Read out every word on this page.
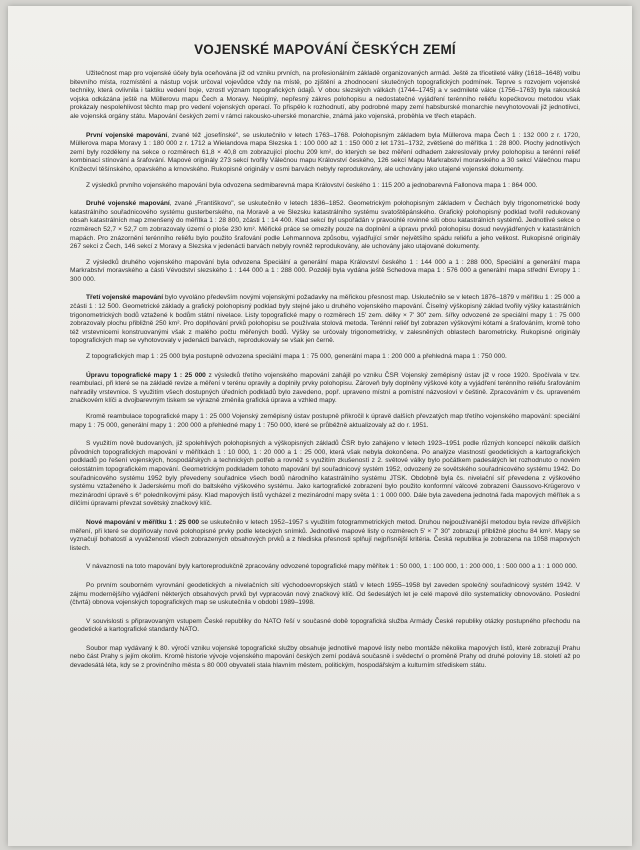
VOJENSKÉ MAPOVÁNÍ ČESKÝCH ZEMÍ

Užitečnost map pro vojenské účely byla oceňována již od vzniku prvních, na profesionálním základě organizovaných armád. Ještě za třicetileté války (1618–1648) volbu bitevního místa, rozmístění a nástup vojsk určoval vojevůdce vždy na místě, po zjištění a zhodnocení skutečných topografických podmínek. Teprve s rozvojem vojenské techniky, která ovlivnila i taktiku vedení boje, vzrostl význam topografických údajů. V obou slezských válkách (1744–1745) a v sedmileté válce (1756–1763) byla rakouská vojska odkázána ještě na Müllerovu mapu Čech a Moravy. Neúplný, nepřesný zákres polohopisu a nedostatečné vyjádření terénního reliéfu kopečkovou metodou však prokázaly nespolehlivost těchto map pro vedení vojenských operací. To přispělo k rozhodnutí, aby podrobné mapy zemí habsburské monarchie nevyhotovovali již jednotlivci, ale vojenská orgány státu. Mapování českých zemí v rámci rakousko-uherské monarchie, známá jako vojenská, proběhla ve třech etapách.

První vojenské mapování, zvané též „josefínské", se uskutečnilo v letech 1763–1768. Polohopisným základem byla Müllerova mapa Čech 1 : 132 000 z r. 1720, Müllerova mapa Moravy 1 : 180 000 z r. 1712 a Wielandova mapa Slezska 1 : 100 000 až 1 : 150 000 z let 1731–1732, zvětšené do měřítka 1 : 28 800. Plochy jednotlivých zemí byly rozděleny na sekce o rozměrech 61,8 × 40,8 cm zobrazující plochu 209 km², do kterých se bez měření odhadem zakreslovaly prvky polohopisu a terénní reliéf kombinací stínování a šrafování. Mapové originály 273 sekcí tvořily Válečnou mapu Království českého, 126 sekcí Mapu Markrabství moravského a 30 sekcí Válečnou mapu Knížectví těšínského, opavského a krnovského. Rukopisné originály v osmi barvách nebyly reprodukovány, ale uchovány jako utajené vojenské dokumenty.

Z výsledků prvního vojenského mapování byla odvozena sedmibarevná mapa Království českého 1 : 115 200 a jednobarevná Fallonova mapa 1 : 864 000.

Druhé vojenské mapování, zvané „Františkovo", se uskutečnilo v letech 1836–1852. Geometrickým polohopisným základem v Čechách byly trigonometrické body katastrálního souřadnicového systému gusterberského, na Moravě a ve Slezsku katastrálního systému svatoštěpánského. Grafický polohopisný podklad tvořil redukovaný obsah katastrálních map zmenšený do měřítka 1 : 28 800, zčásti 1 : 14 400. Klad sekcí byl uspořádán v pravoúhlé rovinné síti obou katastrálních systémů. Jednotlivé sekce o rozměrech 52,7 × 52,7 cm zobrazovaly území o ploše 230 km². Měřické práce se omezily pouze na doplnění a úpravu prvků polohopisu dosud nevyjádřených v katastrálních mapách. Pro znázornění terénního reliéfu bylo použito šrafování podle Lehmannova způsobu, vyjadřující směr největšího spádu reliéfu a jeho velikost. Rukopisné originály 267 sekcí z Čech, 146 sekcí z Moravy a Slezska v jedenácti barvách nebyly rovněž reprodukovány, ale uchovány jako utajované dokumenty.

Z výsledků druhého vojenského mapování byla odvozena Speciální a generální mapa Království českého 1 : 144 000 a 1 : 288 000, Speciální a generální mapa Markrabství moravského a části Vévodství slezského 1 : 144 000 a 1 : 288 000. Později byla vydána ještě Schedova mapa 1 : 576 000 a generální mapa střední Evropy 1 : 300 000.

Třetí vojenské mapování bylo vyvoláno především novými vojenskými požadavky na měřickou přesnost map. Uskutečnilo se v letech 1876–1879 v měřítku 1 : 25 000 a zčásti 1 : 12 500. Geometrické základy a grafický polohopisný podklad byly stejné jako u druhého vojenského mapování. Číselný výškopisný základ tvořily výšky katastrálních trigonometrických bodů vztažené k bodům státní nivelace. Listy topografické mapy o rozměrech 15' zem. délky × 7' 30" zem. šířky odvozené ze speciální mapy 1 : 75 000 zobrazovaly plochu přibližně 250 km². Pro doplňování prvků polohopisu se používala stolová metoda. Terénní reliéf byl zobrazen výškovými kótami a šrafováním, kromě toho též vrstevnicemi konstruovanými však z malého počtu měřených bodů. Výšky se určovaly trigonometricky, v zalesněných oblastech barometricky. Rukopisné originály topografických map se vyhotovovaly v jedenácti barvách, reprodukovaly se však jen černě.

Z topografických map 1 : 25 000 byla postupně odvozena speciální mapa 1 : 75 000, generální mapa 1 : 200 000 a přehledná mapa 1 : 750 000.

Úpravu topografické mapy 1 : 25 000 z výsledků třetího vojenského mapování zahájil po vzniku ČSR Vojenský zeměpisný ústav již v roce 1920. Spočívala v tzv. reambulaci, při které se na základě revize a měření v terénu opravily a doplnily prvky polohopisu. Zároveň byly doplněny výškové kóty a vyjádření terénního reliéfu šrafováním nahradily vrstevnice. S využitím všech dostupných úředních podkladů bylo zavedeno, popř. upraveno místní a pomístní názvosloví v češtině. Zpracováním v čs. upraveném značkovém klíči a dvojbarevným tiskem se výrazně změnila grafická úprava a vzhled mapy.

Kromě reambulace topografické mapy 1 : 25 000 Vojenský zeměpisný ústav postupně přikročil k úpravě dalších převzatých map třetího vojenského mapování: speciální mapy 1 : 75 000, generální mapy 1 : 200 000 a přehledné mapy 1 : 750 000, které se průběžně aktualizovaly až do r. 1951.

S využitím nově budovaných, již spolehlivých polohopisných a výškopisných základů ČSR bylo zahájeno v letech 1923–1951 podle různých koncepcí několik dalších původních topografických mapování v měřítkách 1 : 10 000, 1 : 20 000 a 1 : 25 000, která však nebyla dokončena. Po analýze vlastností geodetických a kartografických podkladů po řešení vojenských, hospodářských a technických potřeb a rovněž s využitím zkušeností z 2. světové války bylo počátkem padesátých let rozhodnuto o novém celostátním topografickém mapování. Geometrickým podkladem tohoto mapování byl souřadnicový systém 1952, odvozený ze sovětského souřadnicového systému 1942. Do souřadnicového systému 1952 byly převedeny souřadnice všech bodů národního katastrálního systému JTSK. Obdobně byla čs. nivelační síť převedena z výškového systému vztaženého k Jaderskému moři do baltského výškového systému. Jako kartografické zobrazení bylo použito konformní válcové zobrazení Gaussovo-Krügerovo v mezinárodní úpravě s 6° poledníkovými pásy. Klad mapových listů vycházel z mezinárodní mapy světa 1 : 1 000 000. Dále byla zavedena jednotná řada mapových měřítek a s dílčími úpravami převzat sovětský značkový klíč.

Nové mapování v měřítku 1 : 25 000 se uskutečnilo v letech 1952–1957 s využitím fotogrammetrických metod. Druhou nejpoužívanější metodou byla revize dřívějších měření, při které se doplňovaly nové polohopisné prvky podle leteckých snímků. Jednotlivé mapové listy o rozměrech 5' × 7' 30" zobrazují přibližně plochu 84 km². Mapy se vyznačují bohatostí a vyvážeností všech zobrazených obsahových prvků a z hlediska přesnosti splňují nejpřísnější kritéria. Česká republika je zobrazena na 1058 mapových listech.

V návaznosti na toto mapování byly kartoreprodukčně zpracovány odvozené topografické mapy měřítek 1 : 50 000, 1 : 100 000, 1 : 200 000, 1 : 500 000 a 1 : 1 000 000.

Po prvním souborném vyrovnání geodetických a nivelačních sítí východoevropských států v letech 1955–1958 byl zaveden společný souřadnicový systém 1942. V zájmu modernějšího vyjádření některých obsahových prvků byl vypracován nový značkový klíč. Od šedesátých let je celé mapové dílo systematicky obnovováno. Poslední (čtvrtá) obnova vojenských topografických map se uskutečnila v období 1989–1998.

V souvislosti s připravovaným vstupem České republiky do NATO řeší v současné době topografická služba Armády České republiky otázky postupného přechodu na geodetické a kartografické standardy NATO.

Soubor map vydávaný k 80. výročí vzniku vojenské topografické služby obsahuje jednotlivé mapové listy nebo montáže několika mapových listů, které zobrazují Prahu nebo část Prahy s jejím okolím. Kromě historie vývoje vojenského mapování českých zemí podává současně i svědectví o proměně Prahy od druhé poloviny 18. století až po devadesátá léta, kdy se z provinčního města s 80 000 obyvateli stala hlavním městem, politickým, hospodářským a kulturním střediskem státu.
